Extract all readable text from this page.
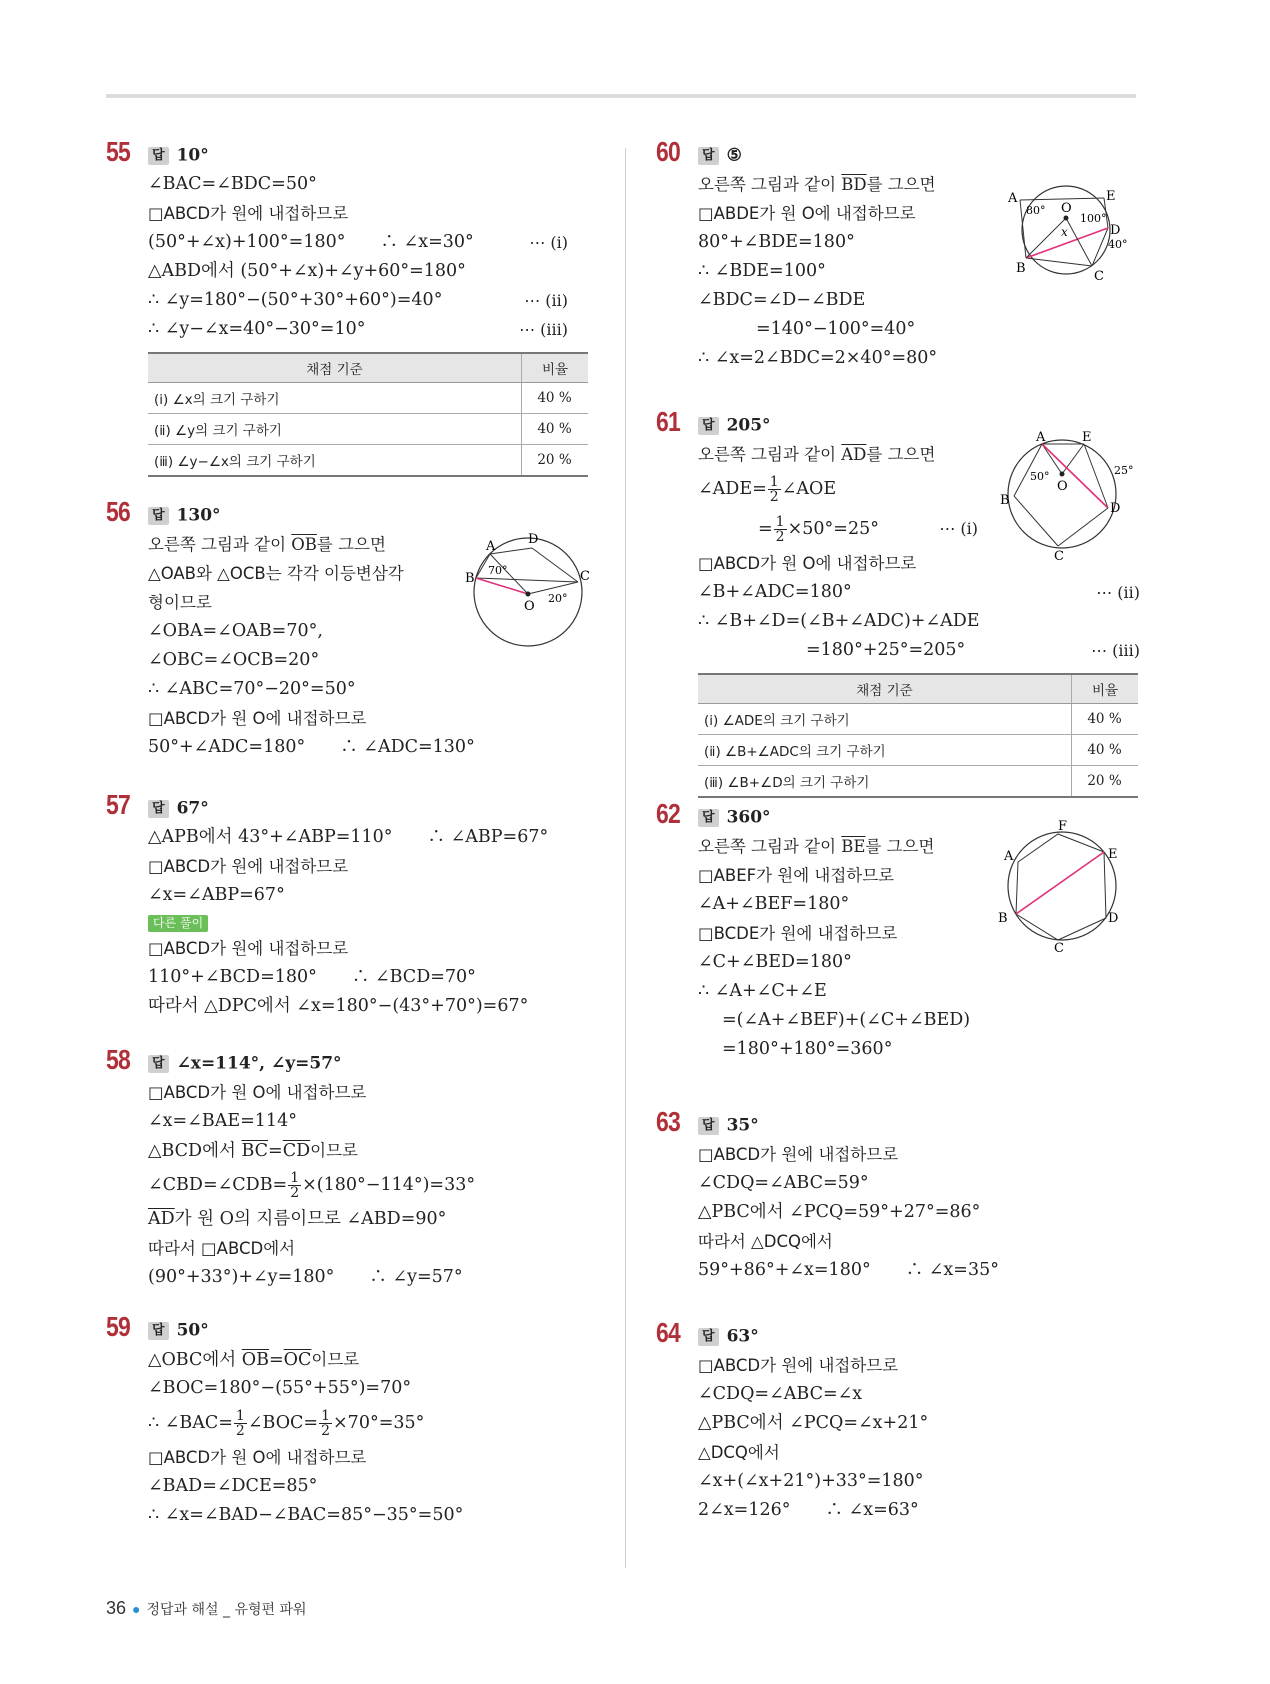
55	답 10°
∠BAC=∠BDC=50°
□ABCD가 원에 내접하므로
(50°+∠x)+100°=180°　　∴ ∠x=30°	⋯ (ⅰ)
△ABD에서 (50°+∠x)+∠y+60°=180°
∴ ∠y=180°−(50°+30°+60°)=40°	⋯ (ⅱ)
∴ ∠y−∠x=40°−30°=10°	⋯ (ⅲ)
채점 기준	비율
(ⅰ) ∠x의 크기 구하기	40 %
(ⅱ) ∠y의 크기 구하기	40 %
(ⅲ) ∠y−∠x의 크기 구하기	20 %
56	답 130°
오른쪽 그림과 같이 $\overline{OB}$를 그으면
△OAB와 △OCB는 각각 이등변삼각
형이므로
∠OBA=∠OAB=70°,
∠OBC=∠OCB=20°
∴ ∠ABC=70°−20°=50°
□ABCD가 원 O에 내접하므로
50°+∠ADC=180°　　∴ ∠ADC=130°
A	D
B	C
O
70°
20°
57	답 67°
△APB에서 43°+∠ABP=110°　　∴ ∠ABP=67°
□ABCD가 원에 내접하므로
∠x=∠ABP=67°
다른 풀이
□ABCD가 원에 내접하므로
110°+∠BCD=180°　　∴ ∠BCD=70°
따라서 △DPC에서 ∠x=180°−(43°+70°)=67°
58	답 ∠x=114°, ∠y=57°
□ABCD가 원 O에 내접하므로
∠x=∠BAE=114°
△BCD에서 $\overline{BC}=\overline{CD}$이므로
∠CBD=∠CDB= $\frac{1}{2} \times(180^\circ-114^\circ)=33^\circ$
$\overline{AD}$가 원 O의 지름이므로 ∠ABD=90°
따라서 □ABCD에서
(90°+33°)+∠y=180°　　∴ ∠y=57°
59	답 50°
△OBC에서 $\overline{OB}=\overline{OC}$이므로
∠BOC=180°−(55°+55°)=70°
∴ ∠BAC= $\frac{1}{2}$ ∠BOC= $\frac{1}{2} \times 70^\circ=35^\circ$
□ABCD가 원 O에 내접하므로
∠BAD=∠DCE=85°
∴ ∠x=∠BAD−∠BAC=85°−35°=50°
60	답 ⑤
오른쪽 그림과 같이 $\overline{BD}$를 그으면
□ABDE가 원 O에 내접하므로
80°+∠BDE=180°
∴ ∠BDE=100°
∠BDC=∠D−∠BDE
=140°−100°=40°
∴ ∠x=2∠BDC=2×40°=80°
A	E
D
B
C
O
x
80°
100°
40°
61	답 205°
오른쪽 그림과 같이 $\overline{AD}$를 그으면
∠ADE= $\frac{1}{2}$ ∠AOE
= $\frac{1}{2} \times 50^\circ=25^\circ$	⋯ (ⅰ)
□ABCD가 원 O에 내접하므로
∠B+∠ADC=180°	⋯ (ⅱ)
∴ ∠B+∠D=(∠B+∠ADC)+∠ADE
=180°+25°=205°	⋯ (ⅲ)
채점 기준	비율
(ⅰ) ∠ADE의 크기 구하기	40 %
(ⅱ) ∠B+∠ADC의 크기 구하기	40 %
(ⅲ) ∠B+∠D의 크기 구하기	20 %
A	E
B
D
C
O
50°	25°
62	답 360°
오른쪽 그림과 같이 $\overline{BE}$를 그으면
□ABEF가 원에 내접하므로
∠A+∠BEF=180°
□BCDE가 원에 내접하므로
∠C+∠BED=180°
∴ ∠A+∠C+∠E
=(∠A+∠BEF)+(∠C+∠BED)
=180°+180°=360°
A
F
E
D
C
B
63	답 35°
□ABCD가 원에 내접하므로
∠CDQ=∠ABC=59°
△PBC에서 ∠PCQ=59°+27°=86°
따라서 △DCQ에서
59°+86°+∠x=180°　　∴ ∠x=35°
64	답 63°
□ABCD가 원에 내접하므로
∠CDQ=∠ABC=∠x
△PBC에서 ∠PCQ=∠x+21°
△DCQ에서
∠x+(∠x+21°)+33°=180°
2∠x=126°　　∴ ∠x=63°
36 ● 정답과 해설 _ 유형편 파워
